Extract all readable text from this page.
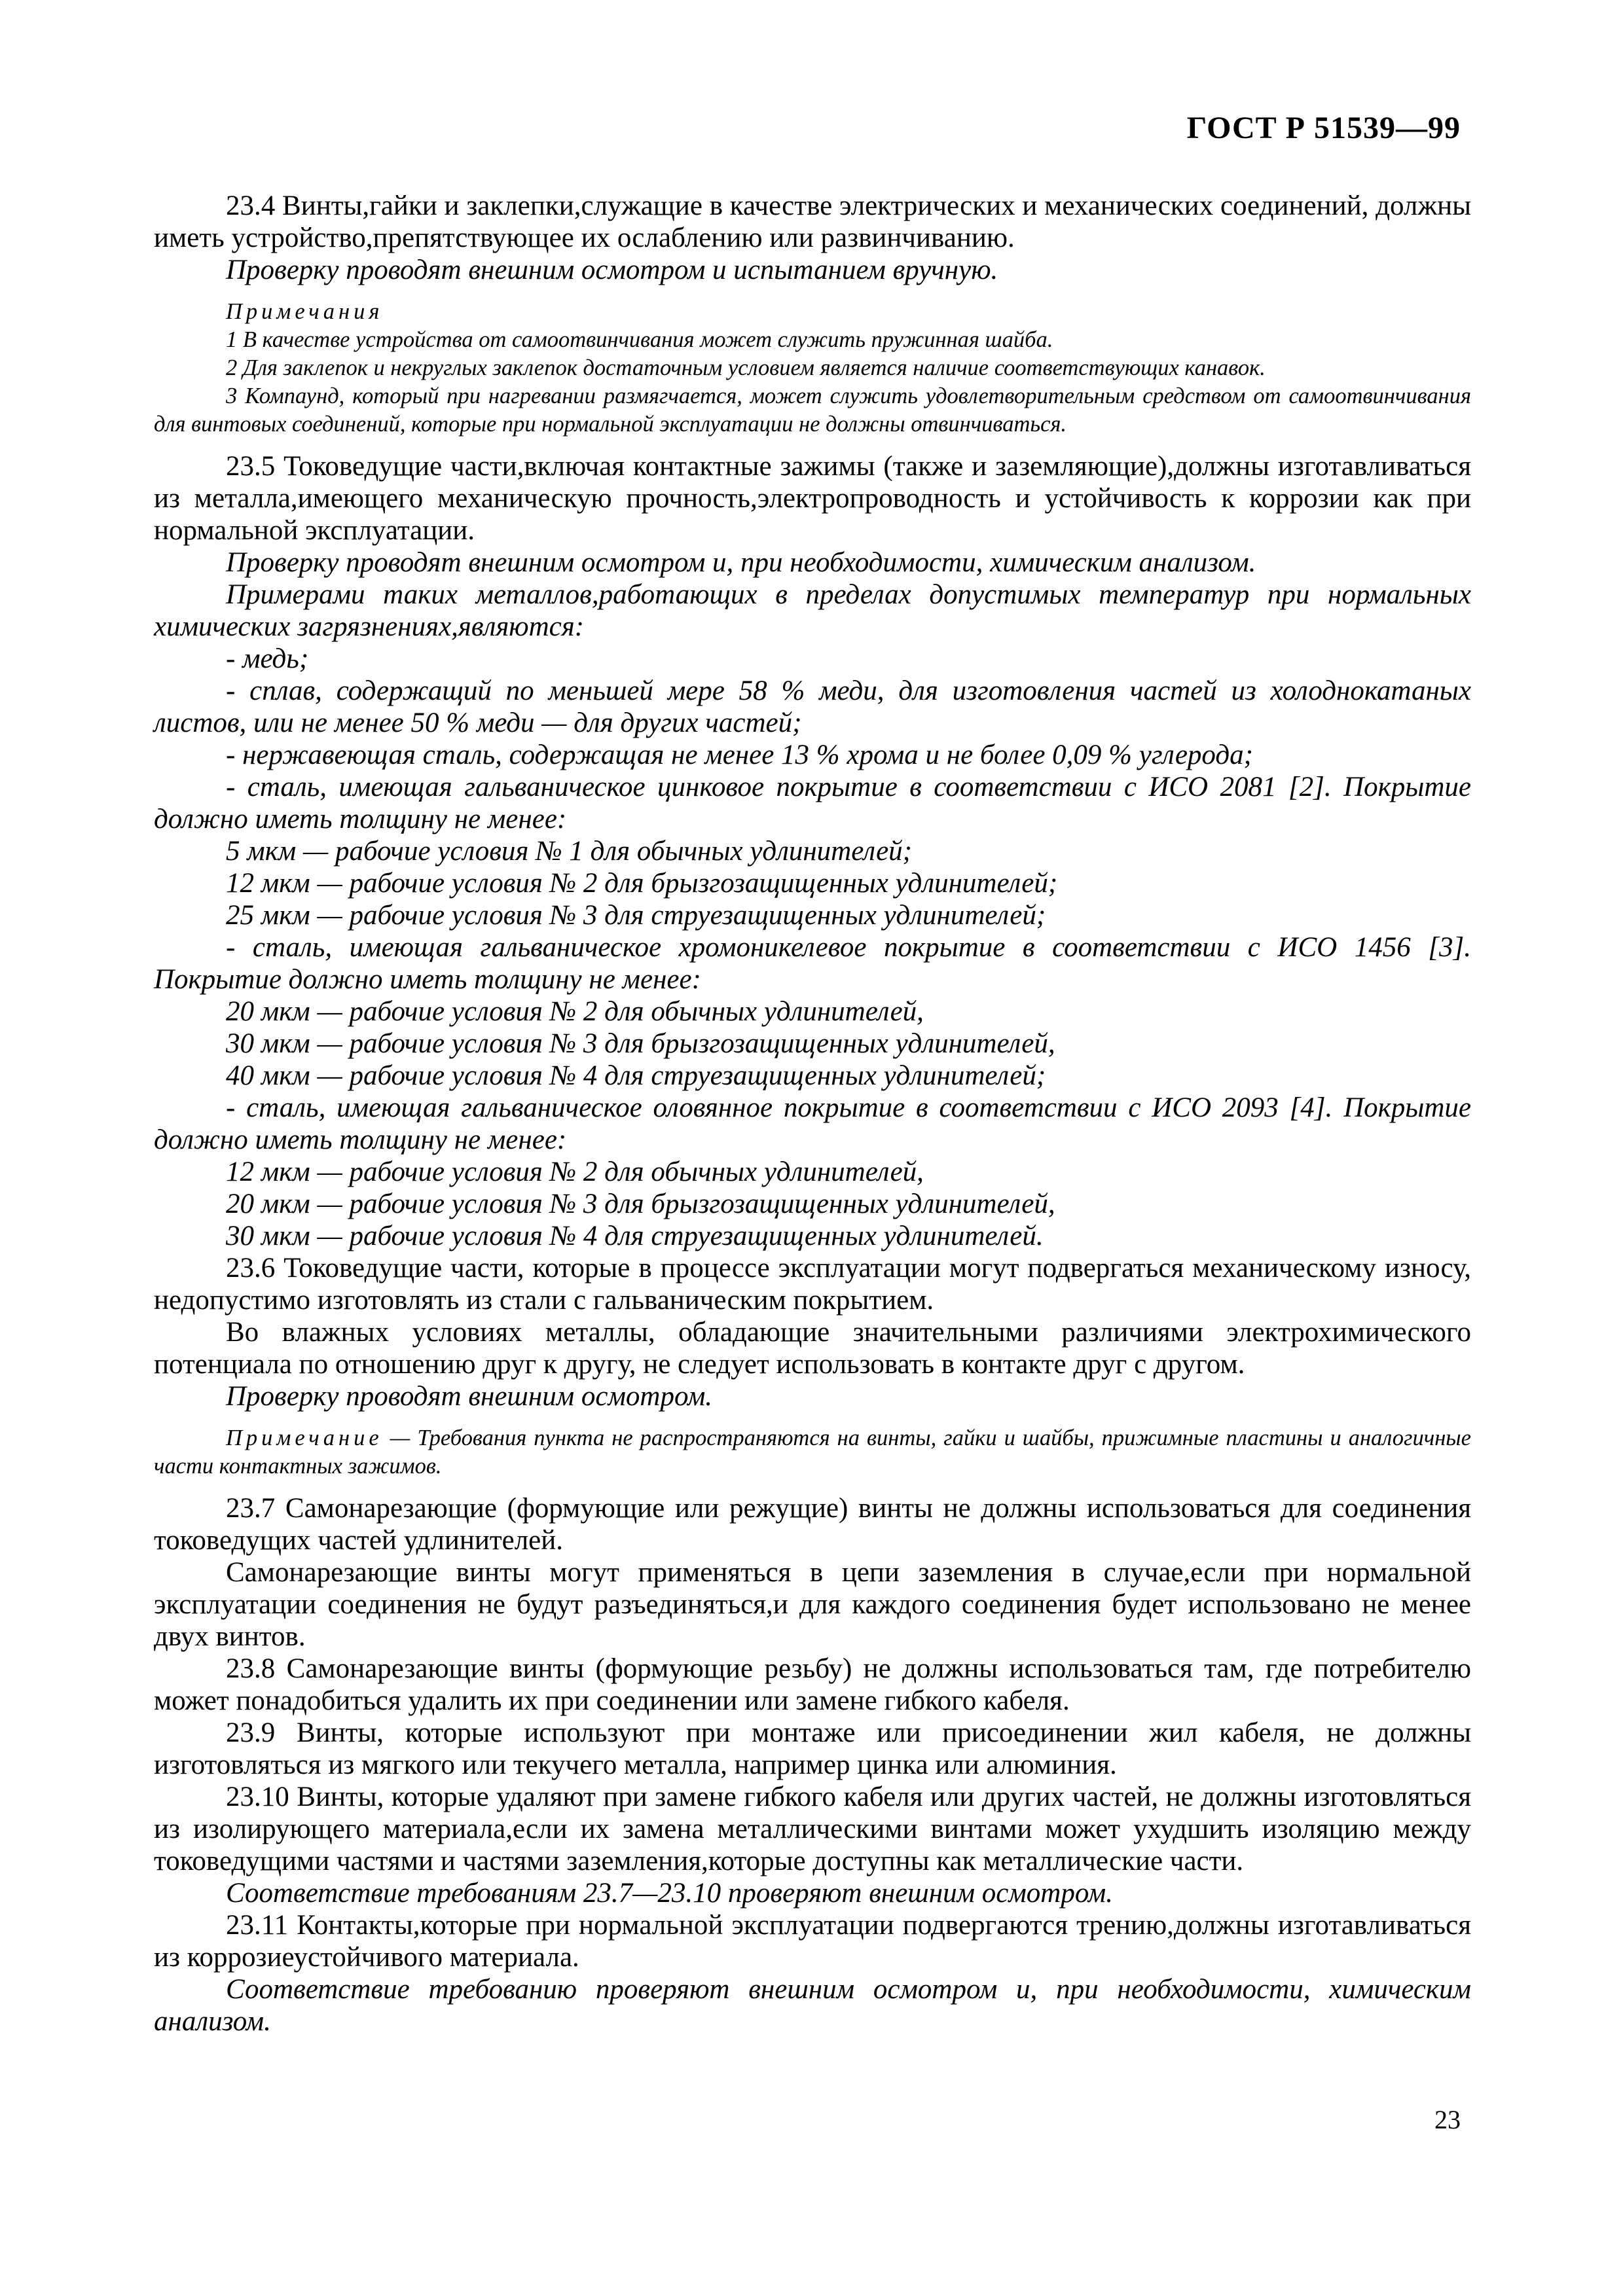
ГОСТ Р 51539—99

23.4 Винты,гайки и заклепки,служащие в качестве электрических и механических соединений, должны иметь устройство,препятствующее их ослаблению или развинчиванию.

Проверку проводят внешним осмотром и испытанием вручную.

Примечания

1 В качестве устройства от самоотвинчивания может служить пружинная шайба.

2 Для заклепок и некруглых заклепок достаточным условием является наличие соответствующих канавок.

3 Компаунд, который при нагревании размягчается, может служить удовлетворительным средством от самоотвинчивания для винтовых соединений, которые при нормальной эксплуатации не должны отвинчиваться.

23.5 Токоведущие части,включая контактные зажимы (также и заземляющие),должны изготавливаться из металла,имеющего механическую прочность,электропроводность и устойчивость к коррозии как при нормальной эксплуатации.

Проверку проводят внешним осмотром и, при необходимости, химическим анализом.

Примерами таких металлов,работающих в пределах допустимых температур при нормальных химических загрязнениях,являются:

- медь;

- сплав, содержащий по меньшей мере 58 % меди, для изготовления частей из холоднокатаных листов, или не менее 50 % меди — для других частей;

- нержавеющая сталь, содержащая не менее 13 % хрома и не более 0,09 % углерода;

- сталь, имеющая гальваническое цинковое покрытие в соответствии с ИСО 2081 [2]. Покрытие должно иметь толщину не менее:

5 мкм — рабочие условия № 1 для обычных удлинителей;

12 мкм — рабочие условия № 2 для брызгозащищенных удлинителей;

25 мкм — рабочие условия № 3 для струезащищенных удлинителей;

- сталь, имеющая гальваническое хромоникелевое покрытие в соответствии с ИСО 1456 [3]. Покрытие должно иметь толщину не менее:

20 мкм — рабочие условия № 2 для обычных удлинителей,

30 мкм — рабочие условия № 3 для брызгозащищенных удлинителей,

40 мкм — рабочие условия № 4 для струезащищенных удлинителей;

- сталь, имеющая гальваническое оловянное покрытие в соответствии с ИСО 2093 [4]. Покрытие должно иметь толщину не менее:

12 мкм — рабочие условия № 2 для обычных удлинителей,

20 мкм — рабочие условия № 3 для брызгозащищенных удлинителей,

30 мкм — рабочие условия № 4 для струезащищенных удлинителей.

23.6 Токоведущие части, которые в процессе эксплуатации могут подвергаться механическому износу, недопустимо изготовлять из стали с гальваническим покрытием.

Во влажных условиях металлы, обладающие значительными различиями электрохимического потенциала по отношению друг к другу, не следует использовать в контакте друг с другом.

Проверку проводят внешним осмотром.

Примечание — Требования пункта не распространяются на винты, гайки и шайбы, прижимные пластины и аналогичные части контактных зажимов.

23.7 Самонарезающие (формующие или режущие) винты не должны использоваться для соединения токоведущих частей удлинителей.

Самонарезающие винты могут применяться в цепи заземления в случае,если при нормальной эксплуатации соединения не будут разъединяться,и для каждого соединения будет использовано не менее двух винтов.

23.8 Самонарезающие винты (формующие резьбу) не должны использоваться там, где потребителю может понадобиться удалить их при соединении или замене гибкого кабеля.

23.9 Винты, которые используют при монтаже или присоединении жил кабеля, не должны изготовляться из мягкого или текучего металла, например цинка или алюминия.

23.10 Винты, которые удаляют при замене гибкого кабеля или других частей, не должны изготовляться из изолирующего материала,если их замена металлическими винтами может ухудшить изоляцию между токоведущими частями и частями заземления,которые доступны как металлические части.

Соответствие требованиям 23.7—23.10 проверяют внешним осмотром.

23.11 Контакты,которые при нормальной эксплуатации подвергаются трению,должны изготавливаться из коррозиеустойчивого материала.

Соответствие требованию проверяют внешним осмотром и, при необходимости, химическим анализом.

23
